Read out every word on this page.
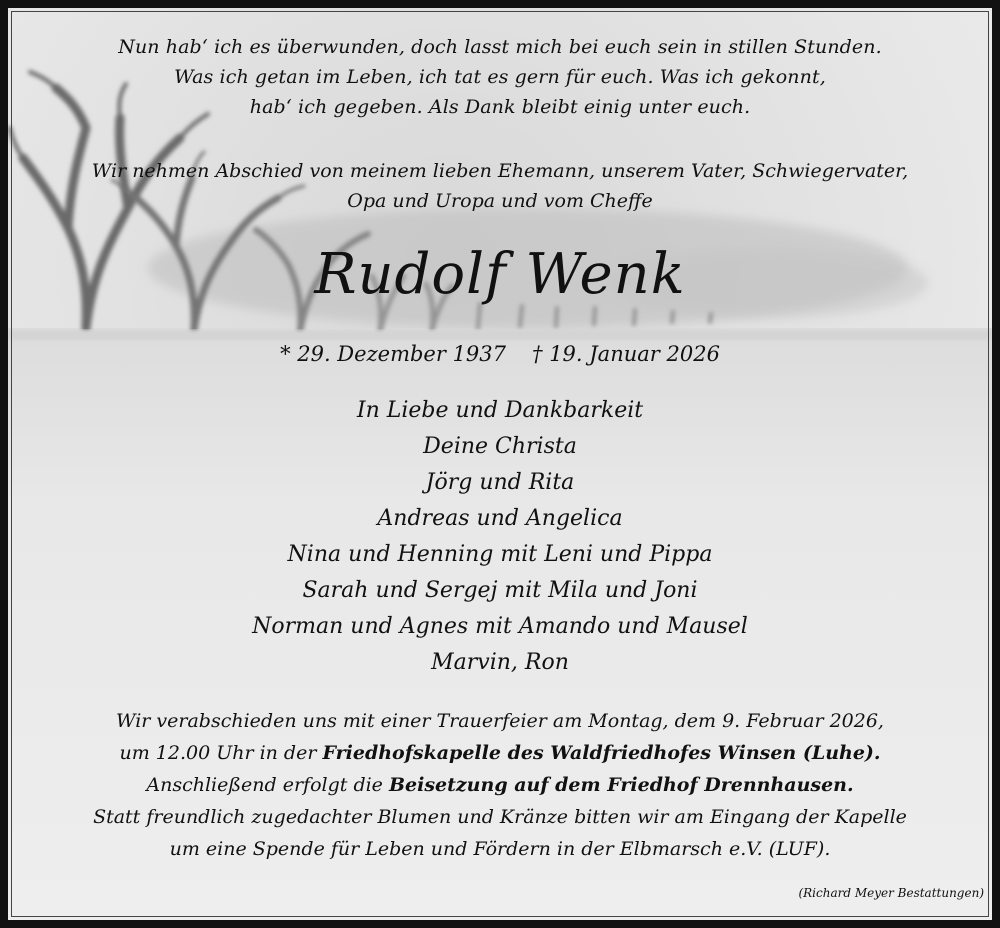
Nun hab‘ ich es überwunden, doch lasst mich bei euch sein in stillen Stunden.
Was ich getan im Leben, ich tat es gern für euch. Was ich gekonnt,
hab‘ ich gegeben. Als Dank bleibt einig unter euch.
Wir nehmen Abschied von meinem lieben Ehemann, unserem Vater, Schwiegervater,
Opa und Uropa und vom Cheffe
Rudolf Wenk
* 29. Dezember 1937 † 19. Januar 2026
In Liebe und Dankbarkeit
Deine Christa
Jörg und Rita
Andreas und Angelica
Nina und Henning mit Leni und Pippa
Sarah und Sergej mit Mila und Joni
Norman und Agnes mit Amando und Mausel
Marvin, Ron
Wir verabschieden uns mit einer Trauerfeier am Montag, dem 9. Februar 2026,
um 12.00 Uhr in der Friedhofskapelle des Waldfriedhofes Winsen (Luhe).
Anschließend erfolgt die Beisetzung auf dem Friedhof Drennhausen.
Statt freundlich zugedachter Blumen und Kränze bitten wir am Eingang der Kapelle
um eine Spende für Leben und Fördern in der Elbmarsch e.V. (LUF).
(Richard Meyer Bestattungen)
